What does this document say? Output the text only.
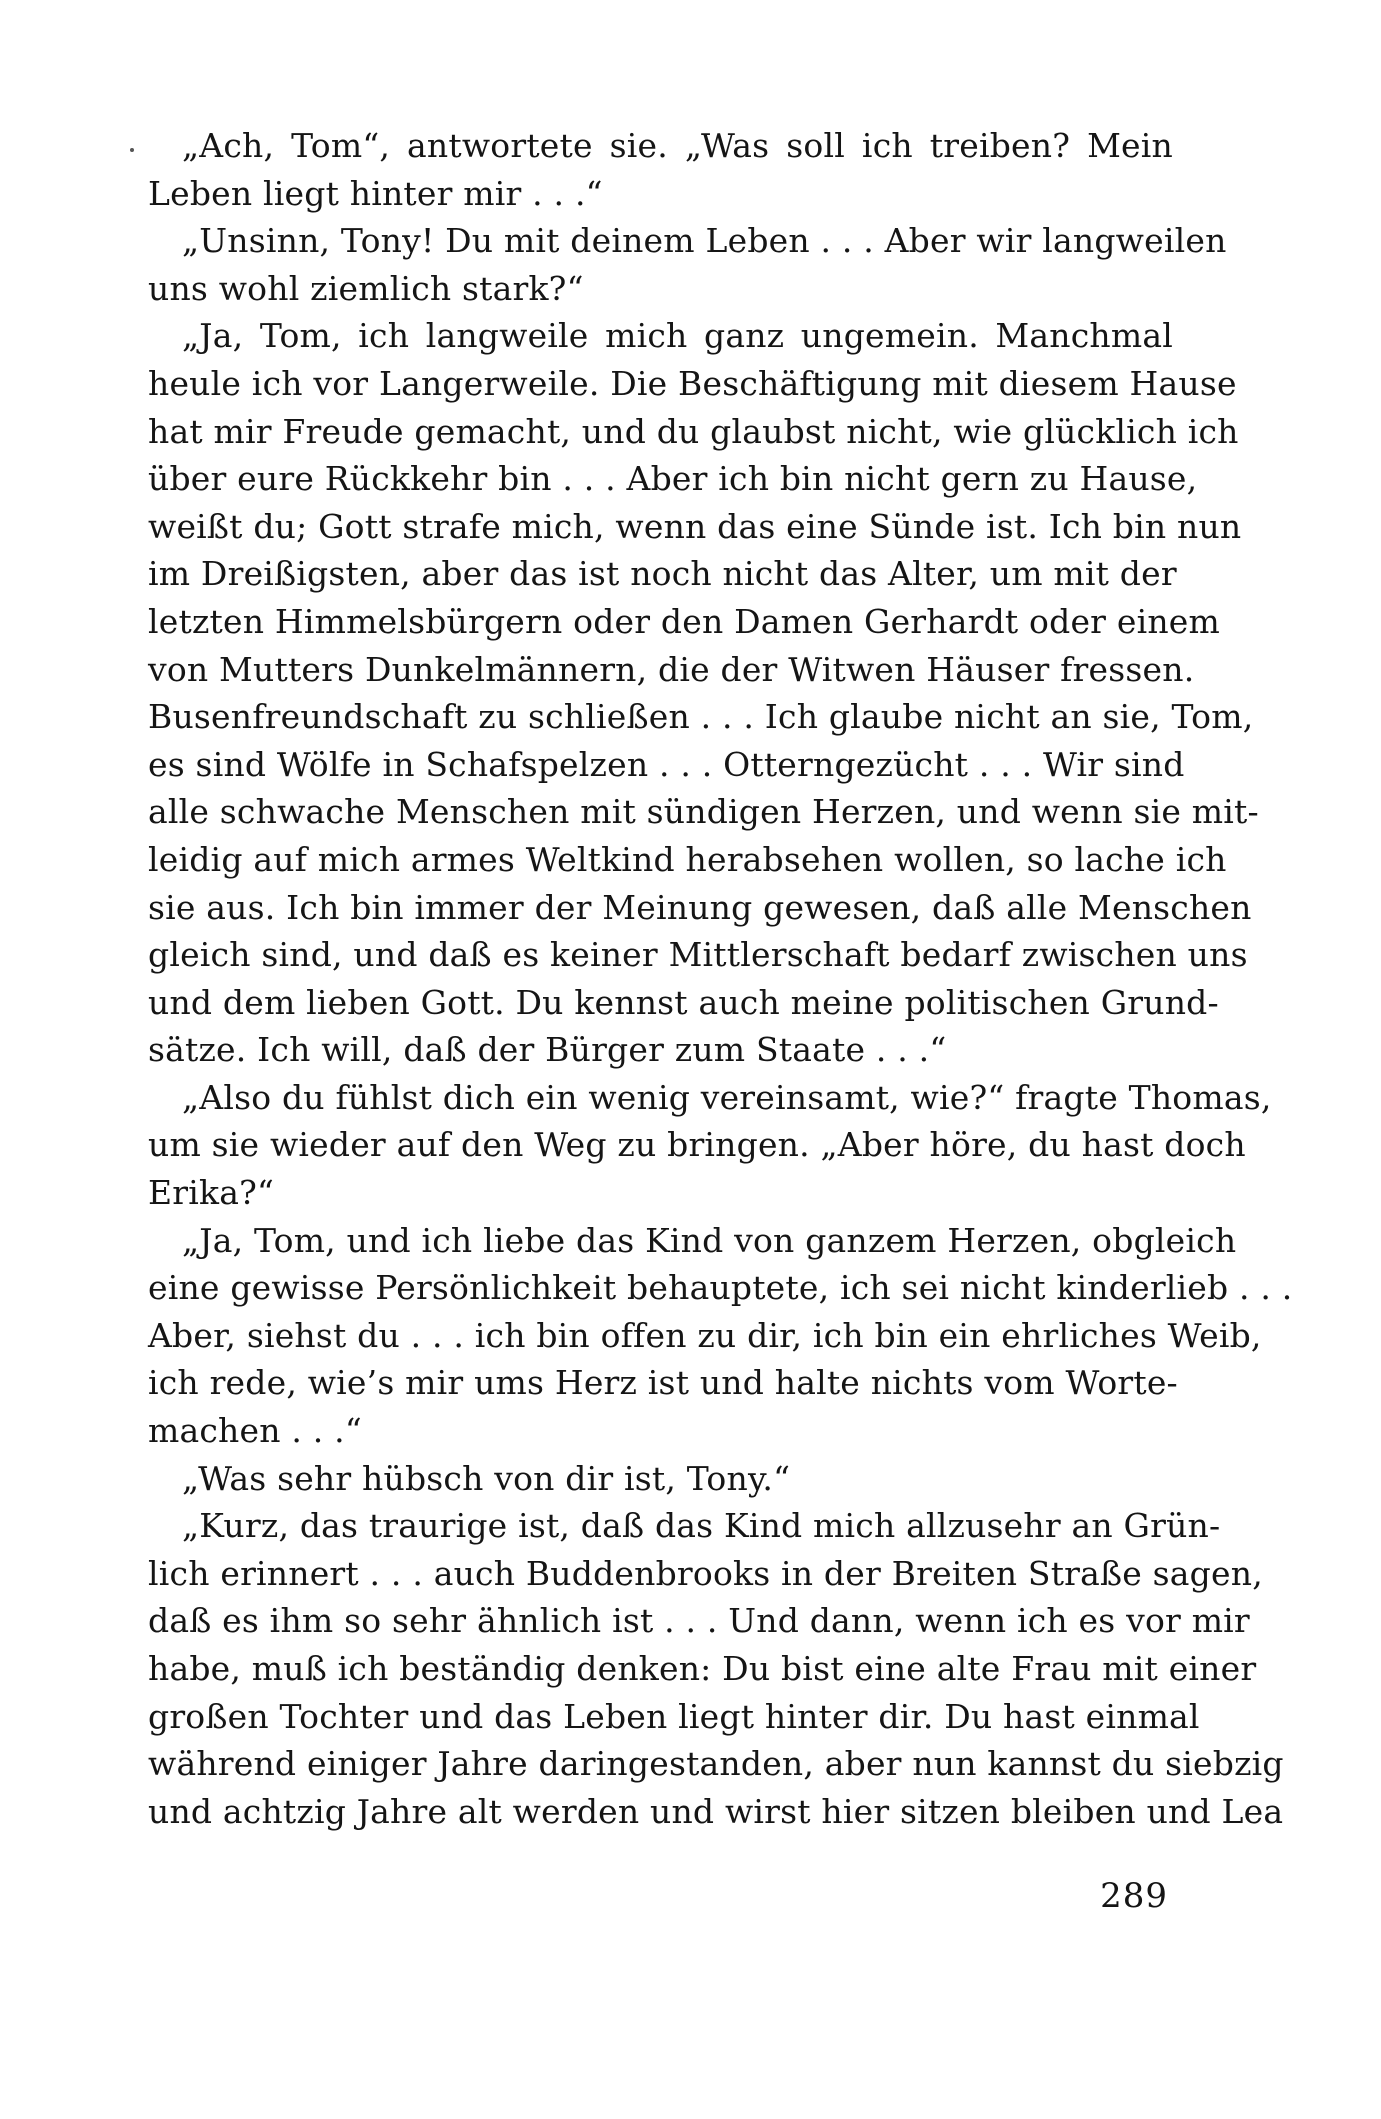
„Ach, Tom“, antwortete sie. „Was soll ich treiben? Mein
Leben liegt hinter mir . . .“
„Unsinn, Tony! Du mit deinem Leben . . . Aber wir langweilen
uns wohl ziemlich stark?“
„Ja, Tom, ich langweile mich ganz ungemein. Manchmal
heule ich vor Langerweile. Die Beschäftigung mit diesem Hause
hat mir Freude gemacht, und du glaubst nicht, wie glücklich ich
über eure Rückkehr bin . . . Aber ich bin nicht gern zu Hause,
weißt du; Gott strafe mich, wenn das eine Sünde ist. Ich bin nun
im Dreißigsten, aber das ist noch nicht das Alter, um mit der
letzten Himmelsbürgern oder den Damen Gerhardt oder einem
von Mutters Dunkelmännern, die der Witwen Häuser fressen.
Busenfreundschaft zu schließen . . . Ich glaube nicht an sie, Tom,
es sind Wölfe in Schafspelzen . . . Otterngezücht . . . Wir sind
alle schwache Menschen mit sündigen Herzen, und wenn sie mit-
leidig auf mich armes Weltkind herabsehen wollen, so lache ich
sie aus. Ich bin immer der Meinung gewesen, daß alle Menschen
gleich sind, und daß es keiner Mittlerschaft bedarf zwischen uns
und dem lieben Gott. Du kennst auch meine politischen Grund-
sätze. Ich will, daß der Bürger zum Staate . . .“
„Also du fühlst dich ein wenig vereinsamt, wie?“ fragte Thomas,
um sie wieder auf den Weg zu bringen. „Aber höre, du hast doch
Erika?“
„Ja, Tom, und ich liebe das Kind von ganzem Herzen, obgleich
eine gewisse Persönlichkeit behauptete, ich sei nicht kinderlieb . . .
Aber, siehst du . . . ich bin offen zu dir, ich bin ein ehrliches Weib,
ich rede, wie’s mir ums Herz ist und halte nichts vom Worte-
machen . . .“
„Was sehr hübsch von dir ist, Tony.“
„Kurz, das traurige ist, daß das Kind mich allzusehr an Grün-
lich erinnert . . . auch Buddenbrooks in der Breiten Straße sagen,
daß es ihm so sehr ähnlich ist . . . Und dann, wenn ich es vor mir
habe, muß ich beständig denken: Du bist eine alte Frau mit einer
großen Tochter und das Leben liegt hinter dir. Du hast einmal
während einiger Jahre daringestanden, aber nun kannst du siebzig
und achtzig Jahre alt werden und wirst hier sitzen bleiben und Lea
289
